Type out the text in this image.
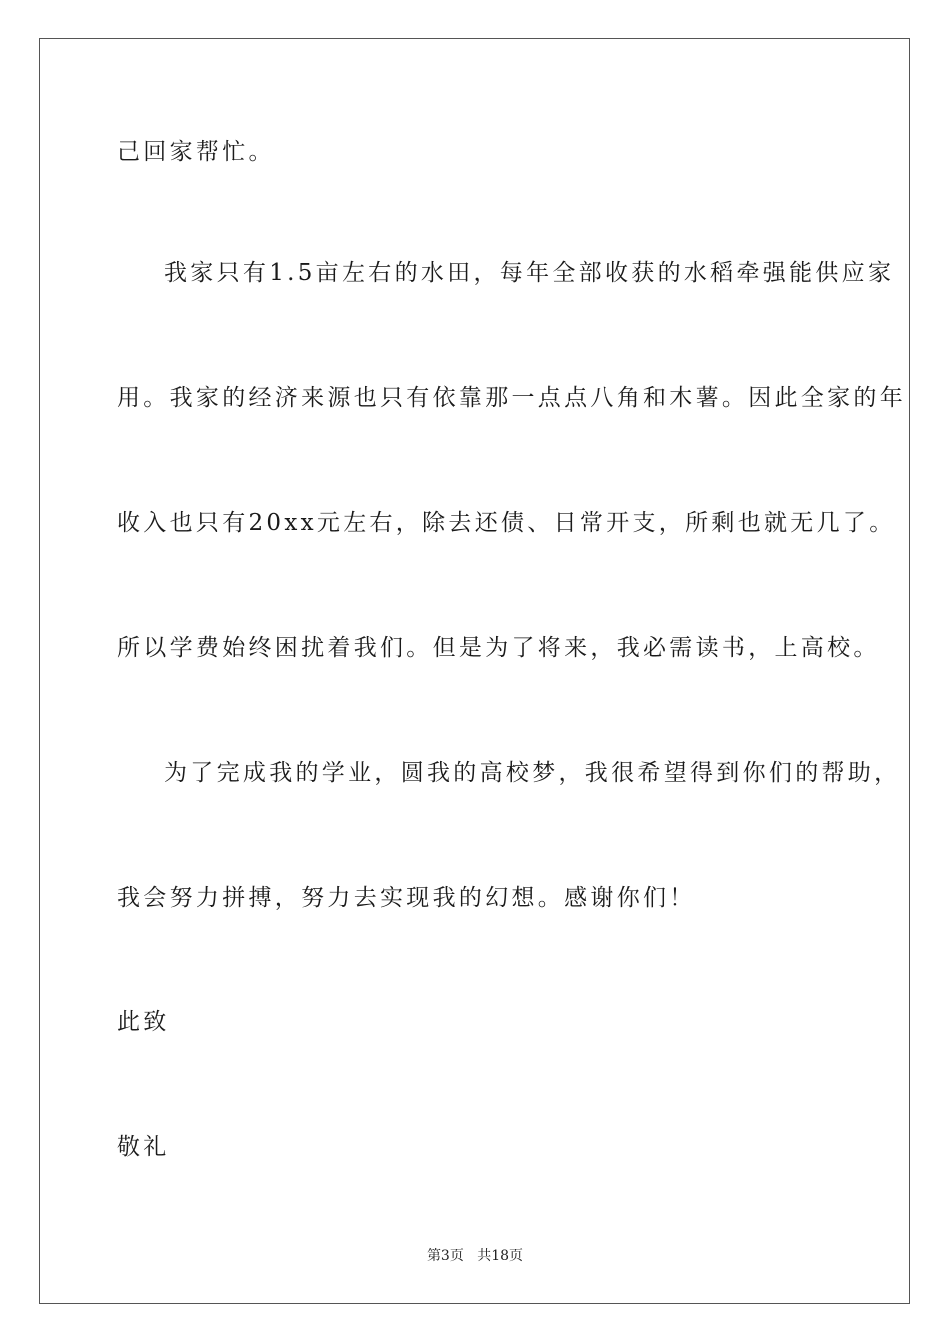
己回家帮忙。
我家只有1.5亩左右的水田，每年全部收获的水稻牵强能供应家
用。我家的经济来源也只有依靠那一点点八角和木薯。因此全家的年
收入也只有20xx元左右，除去还债、日常开支，所剩也就无几了。
所以学费始终困扰着我们。但是为了将来，我必需读书，上高校。
为了完成我的学业，圆我的高校梦，我很希望得到你们的帮助，
我会努力拼搏，努力去实现我的幻想。感谢你们！
此致
敬礼
第3页 共18页
